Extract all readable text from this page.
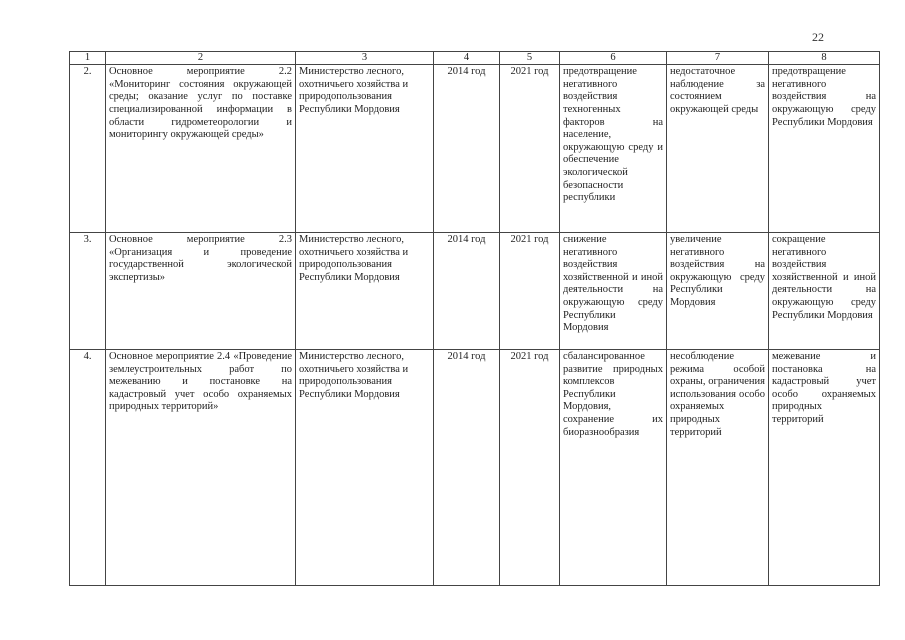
22
1	2	3	4	5	6	7	8
2.	Основное мероприятие 2.2 «Мониторинг состояния окружающей среды; оказание услуг по поставке специализированной информации в области гидрометеорологии и мониторингу окружающей среды»	Министерство лесного, охотничьего хозяйства и природопользования Республики Мордовия	2014 год	2021 год	предотвращение негативного воздействия техногенных факторов на население, окружающую среду и обеспечение экологической безопасности республики	недостаточное наблюдение за состоянием окружающей среды	предотвращение негативного воздействия на окружающую среду Республики Мордовия
3.	Основное мероприятие 2.3 «Организация и проведение государственной экологической экспертизы»	Министерство лесного, охотничьего хозяйства и природопользования Республики Мордовия	2014 год	2021 год	снижение негативного воздействия хозяйственной и иной деятельности на окружающую среду Республики Мордовия	увеличение негативного воздействия на окружающую среду Республики Мордовия	сокращение негативного воздействия хозяйственной и иной деятельности на окружающую среду Республики Мордовия
4.	Основное мероприятие 2.4 «Проведение землеустроительных работ по межеванию и постановке на кадастровый учет особо охраняемых природных территорий»	Министерство лесного, охотничьего хозяйства и природопользования Республики Мордовия	2014 год	2021 год	сбалансированное развитие природных комплексов Республики Мордовия, сохранение их биоразнообразия	несоблюдение режима особой охраны, ограничения использования особо охраняемых природных территорий	межевание и постановка на кадастровый учет особо охраняемых природных территорий
